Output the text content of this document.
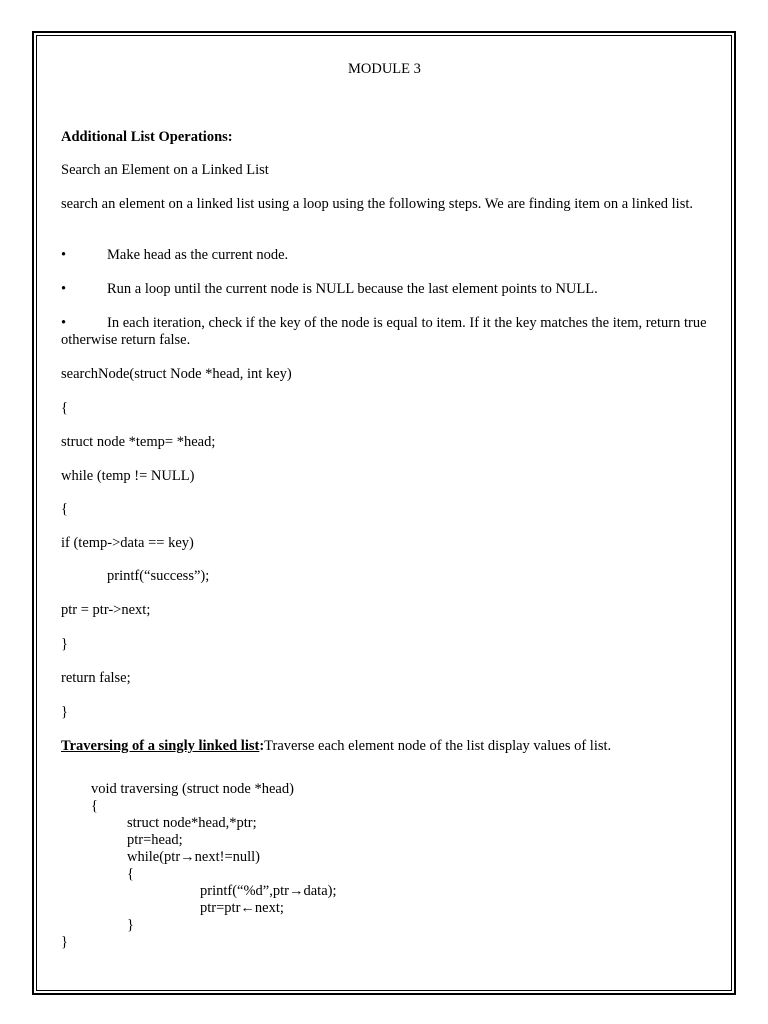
MODULE 3
Additional List Operations:
Search an Element on a Linked List
search an element on a linked list using a loop using the following steps. We are finding item on a linked list.
•	Make head as the current node.
•	Run a loop until the current node is NULL because the last element points to NULL.
•	In each iteration, check if the key of the node is equal to item. If it the key matches the item, return true otherwise return false.
searchNode(struct Node *head, int key)
{
struct node *temp= *head;
while (temp != NULL)
{
if (temp->data == key)
printf(“success”);
ptr = ptr->next;
}
return false;
}
Traversing of a singly linked list:Traverse each element node of the list display values of list.
void traversing (struct node *head)
{
struct node*head,*ptr;
ptr=head;
while(ptr→next!=null)
{
printf(“%d”,ptr→data);
ptr=ptr←next;
}
}
